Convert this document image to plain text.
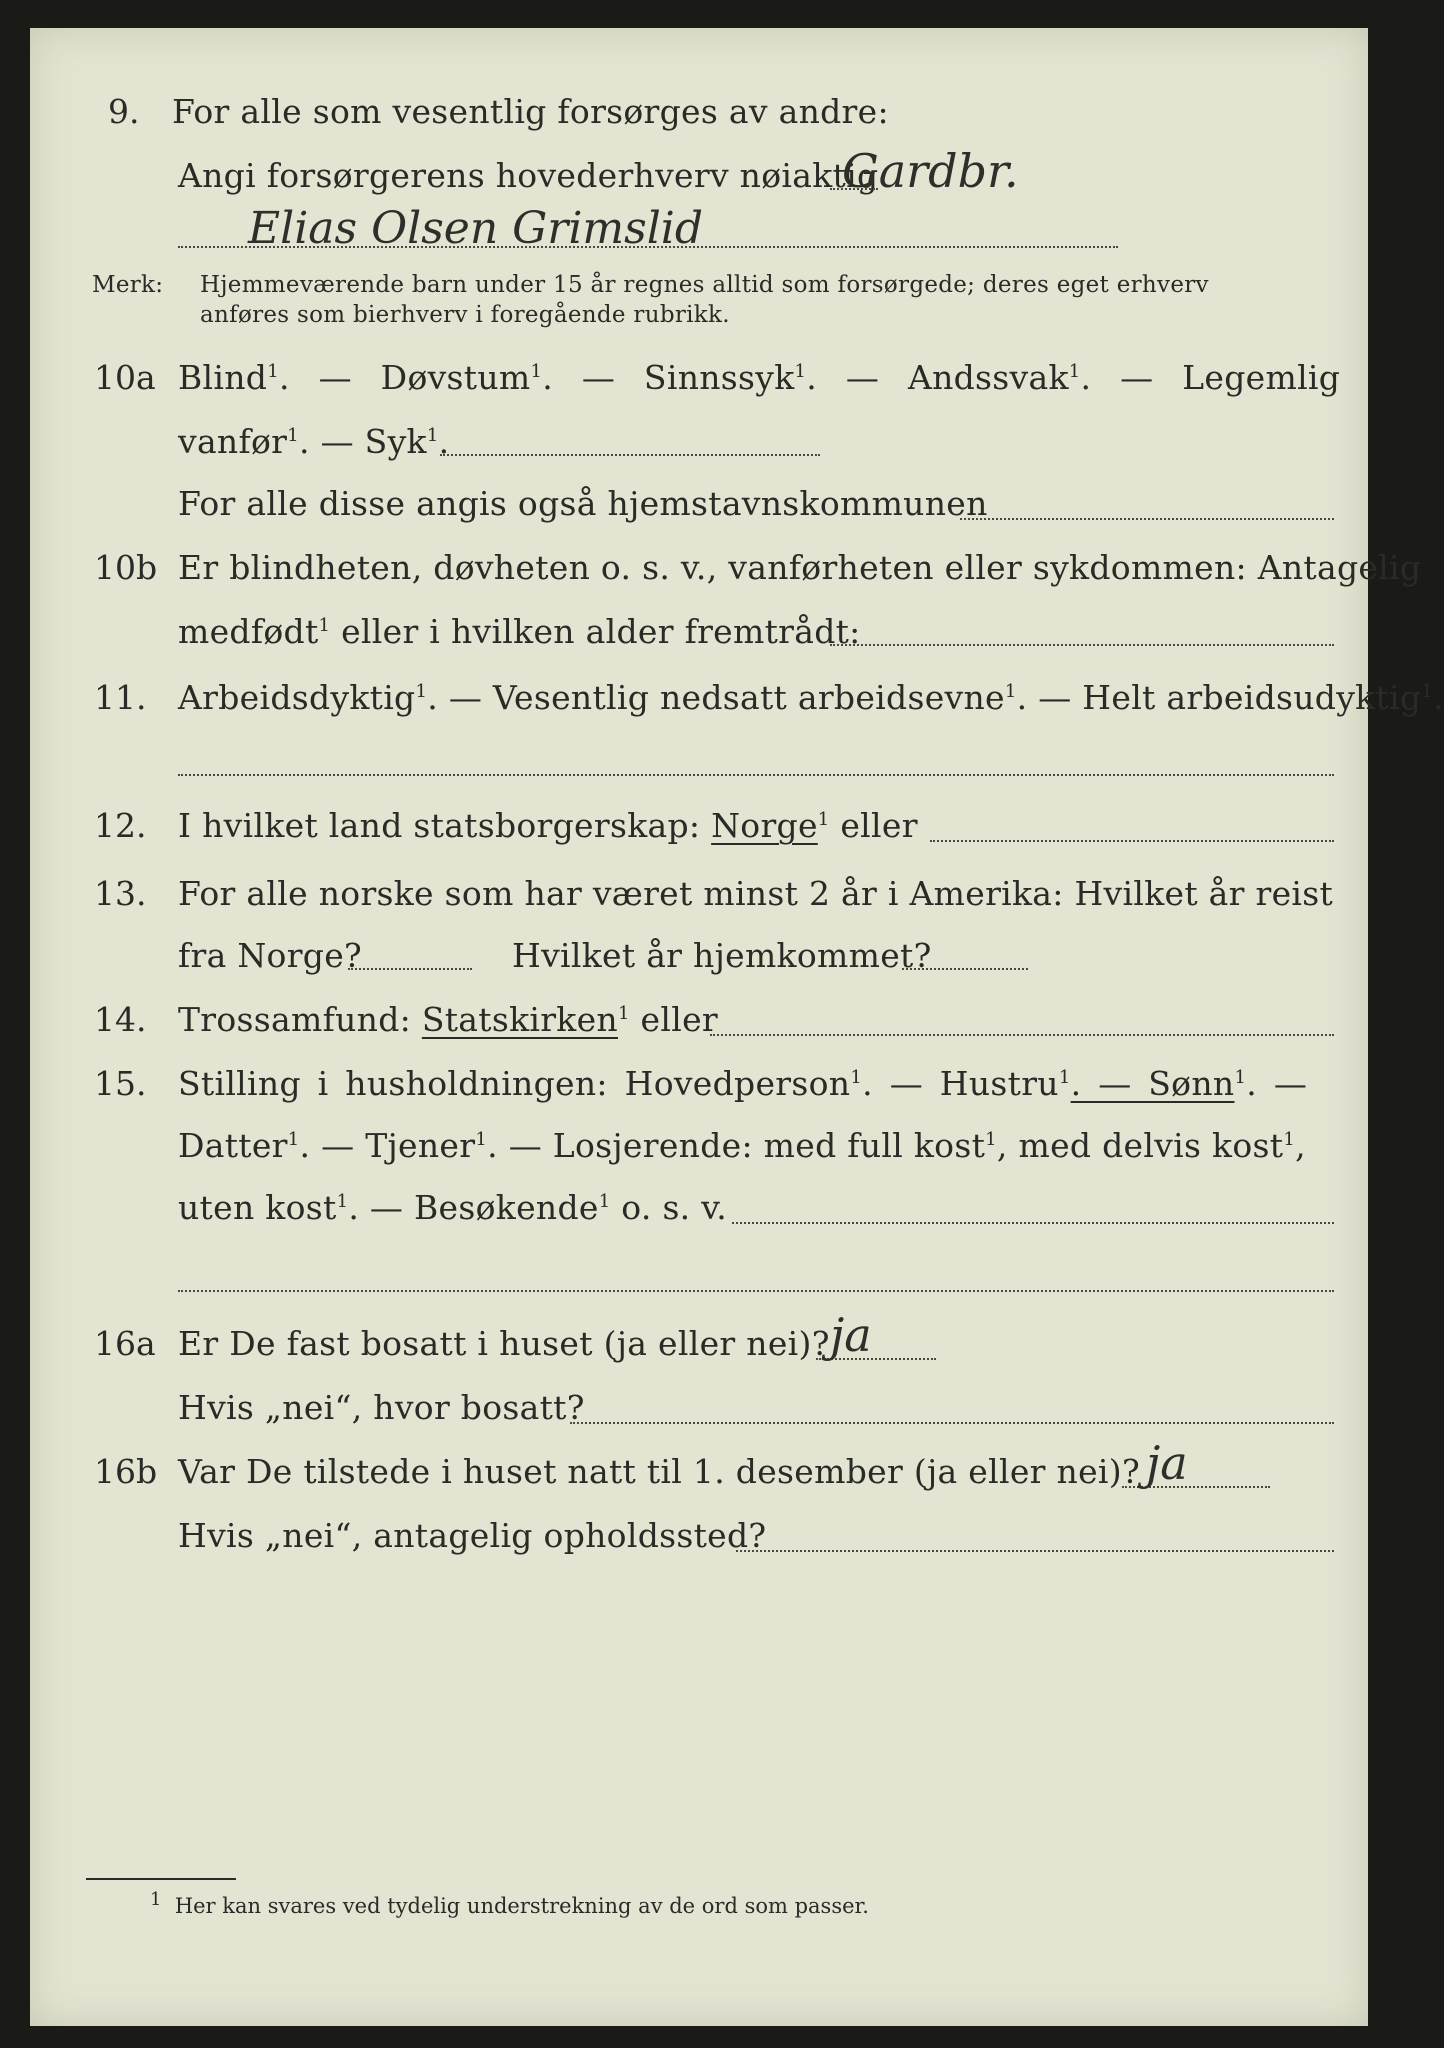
9. For alle som vesentlig forsørges av andre:
Angi forsørgerens hovederhverv nøiaktig
Gardbr.
Elias Olsen Grimslid
Merk: Hjemmeværende barn under 15 år regnes alltid som forsørgede; deres eget erhverv
anføres som bierhverv i foregående rubrikk.
10a Blind$^1$. — Døvstum$^1$. — Sinnssyk$^1$. — Andssvak$^1$. — Legemlig
vanfør$^1$. — Syk$^1$.
For alle disse angis også hjemstavnskommunen
10b Er blindheten, døvheten o. s. v., vanførheten eller sykdommen: Antagelig
medfødt$^1$ eller i hvilken alder fremtrådt:
11. Arbeidsdyktig$^1$. — Vesentlig nedsatt arbeidsevne$^1$. — Helt arbeidsudyktig$^1$.
12. I hvilket land statsborgerskap: Norge$^1$ eller
13. For alle norske som har været minst 2 år i Amerika: Hvilket år reist
fra Norge?	Hvilket år hjemkommet?
14. Trossamfund: Statskirken$^1$ eller
15. Stilling i husholdningen: Hovedperson$^1$. — Hustru$^1$. — Sønn$^1$. —
Datter$^1$. — Tjener$^1$. — Losjerende: med full kost$^1$, med delvis kost$^1$,
uten kost$^1$. — Besøkende$^1$ o. s. v.
16a Er De fast bosatt i huset (ja eller nei)? ja
Hvis „nei“, hvor bosatt?
16b Var De tilstede i huset natt til 1. desember (ja eller nei)? ja
Hvis „nei“, antagelig opholdssted?
1 Her kan svares ved tydelig understrekning av de ord som passer.
